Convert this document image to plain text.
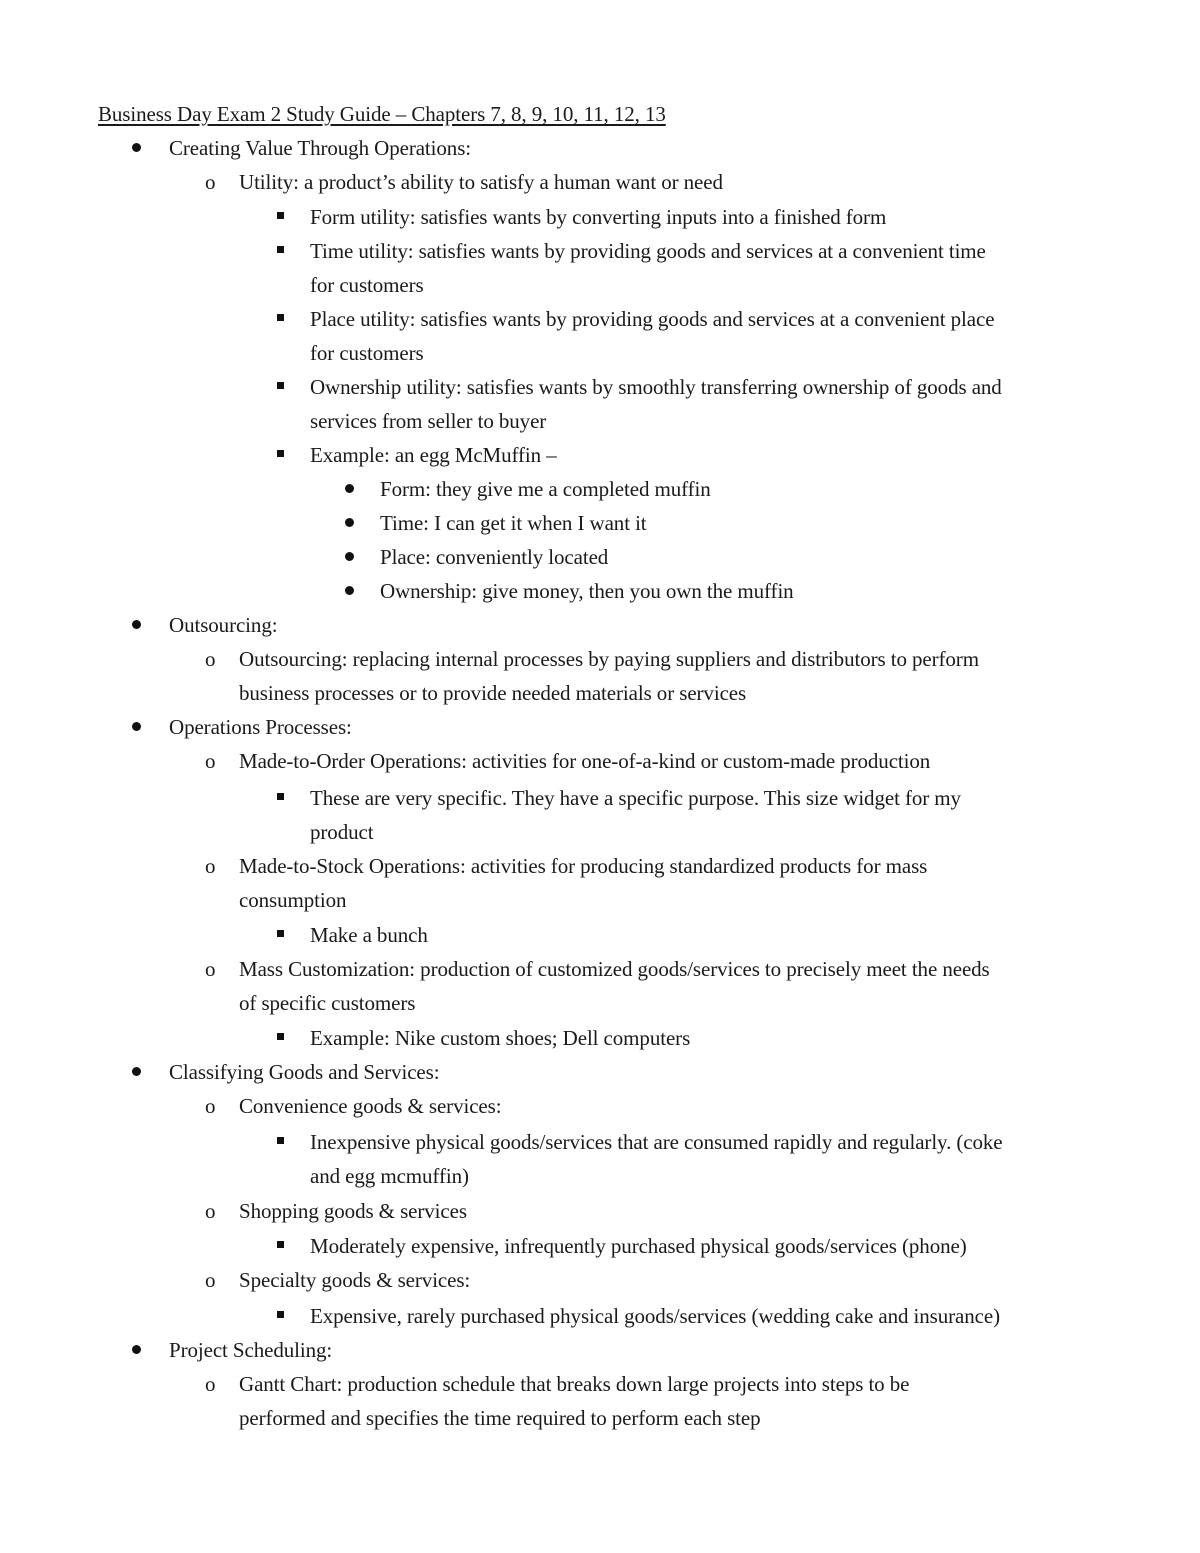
Business Day Exam 2 Study Guide – Chapters 7, 8, 9, 10, 11, 12, 13
Creating Value Through Operations:
o Utility: a product’s ability to satisfy a human want or need
Form utility: satisfies wants by converting inputs into a finished form
Time utility: satisfies wants by providing goods and services at a convenient time
for customers
Place utility: satisfies wants by providing goods and services at a convenient place
for customers
Ownership utility: satisfies wants by smoothly transferring ownership of goods and
services from seller to buyer
Example: an egg McMuffin –
Form: they give me a completed muffin
Time: I can get it when I want it
Place: conveniently located
Ownership: give money, then you own the muffin
Outsourcing:
o Outsourcing: replacing internal processes by paying suppliers and distributors to perform
business processes or to provide needed materials or services
Operations Processes:
o Made-to-Order Operations: activities for one-of-a-kind or custom-made production
These are very specific. They have a specific purpose. This size widget for my
product
o Made-to-Stock Operations: activities for producing standardized products for mass
consumption
Make a bunch
o Mass Customization: production of customized goods/services to precisely meet the needs
of specific customers
Example: Nike custom shoes; Dell computers
Classifying Goods and Services:
o Convenience goods & services:
Inexpensive physical goods/services that are consumed rapidly and regularly. (coke
and egg mcmuffin)
o Shopping goods & services
Moderately expensive, infrequently purchased physical goods/services (phone)
o Specialty goods & services:
Expensive, rarely purchased physical goods/services (wedding cake and insurance)
Project Scheduling:
o Gantt Chart: production schedule that breaks down large projects into steps to be
performed and specifies the time required to perform each step
